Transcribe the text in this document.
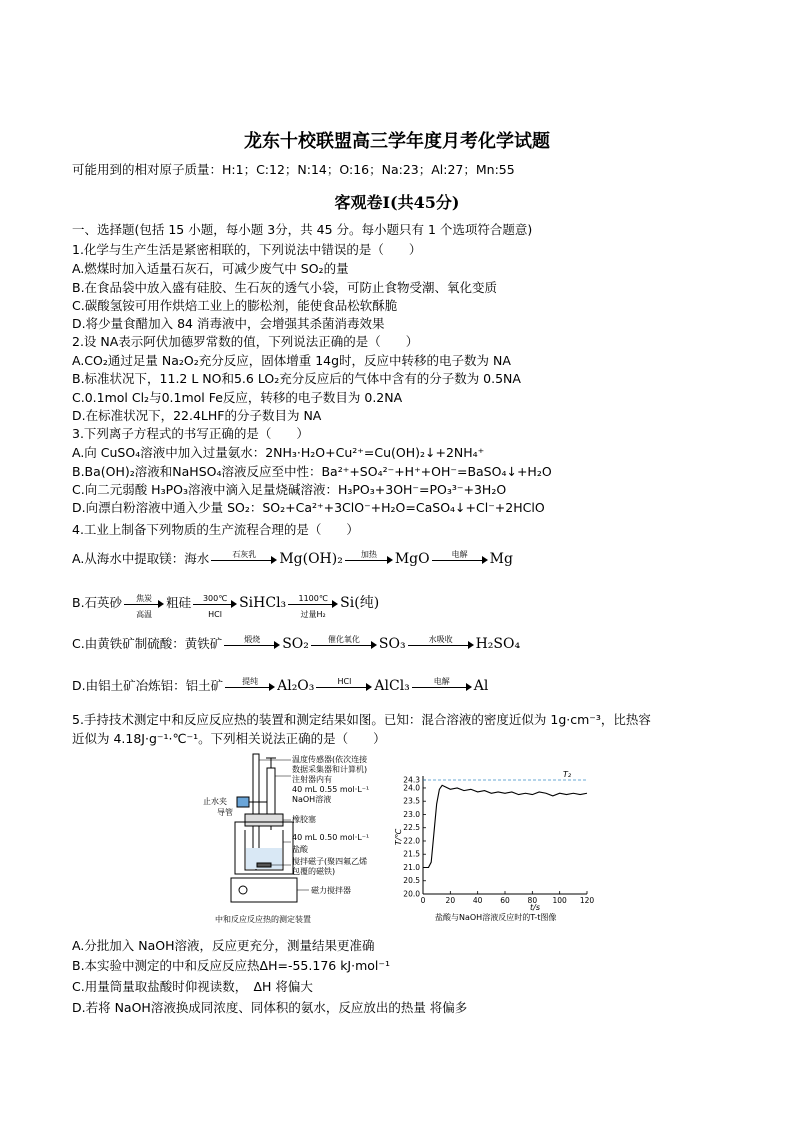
龙东十校联盟高三学年度月考化学试题
可能用到的相对原子质量：H:1；C:12；N:14；O:16；Na:23；Al:27；Mn:55
客观卷Ⅰ(共45分)
一、选择题(包括 15 小题，每小题 3分，共 45 分。每小题只有 1 个选项符合题意)
1.化学与生产生活是紧密相联的，下列说法中错误的是（　　）
A.燃煤时加入适量石灰石，可减少废气中 SO₂的量
B.在食品袋中放入盛有硅胶、生石灰的透气小袋，可防止食物受潮、氧化变质
C.碳酸氢铵可用作烘焙工业上的膨松剂，能使食品松软酥脆
D.将少量食醋加入 84 消毒液中，会增强其杀菌消毒效果
2.设 NA表示阿伏加德罗常数的值，下列说法正确的是（　　）
A.CO₂通过足量 Na₂O₂充分反应，固体增重 14g时，反应中转移的电子数为 NA
B.标准状况下，11.2 L NO和5.6 LO₂充分反应后的气体中含有的分子数为 0.5NA
C.0.1mol Cl₂与0.1mol Fe反应，转移的电子数目为 0.2NA
D.在标准状况下，22.4LHF的分子数目为 NA
3.下列离子方程式的书写正确的是（　　）
A.向 CuSO₄溶液中加入过量氨水：2NH₃·H₂O+Cu²⁺=Cu(OH)₂↓+2NH₄⁺
B.Ba(OH)₂溶液和NaHSO₄溶液反应至中性：Ba²⁺+SO₄²⁻+H⁺+OH⁻=BaSO₄↓+H₂O
C.向二元弱酸 H₃PO₃溶液中滴入足量烧碱溶液：H₃PO₃+3OH⁻=PO₃³⁻+3H₂O
D.向漂白粉溶液中通入少量 SO₂：SO₂+Ca²⁺+3ClO⁻+H₂O=CaSO₄↓+Cl⁻+2HClO
4.工业上制备下列物质的生产流程合理的是（　　）
A.从海水中提取镁：海水	石灰乳	Mg(OH)₂	加热	MgO	电解	Mg
B.石英砂	焦炭
高温
粗硅	300℃
HCl
SiHCl₃	1100℃
过量H₂
Si(纯)
C.由黄铁矿制硫酸：黄铁矿	煅烧	SO₂	催化氧化	SO₃	水吸收	H₂SO₄
D.由铝土矿冶炼铝：铝土矿	提纯	Al₂O₃	HCl	AlCl₃	电解	Al
5.手持技术测定中和反应反应热的装置和测定结果如图。已知：混合溶液的密度近似为 1g·cm⁻³，比热容
近似为 4.18J·g⁻¹·℃⁻¹。下列相关说法正确的是（　　）
温度传感器(依次连接
数据采集器和计算机)
注射器内有
40 mL 0.55 mol·L⁻¹
NaOH溶液
止水夹
导管
橡胶塞
40 mL 0.50 mol·L⁻¹
盐酸
搅拌磁子(聚四氟乙烯
包覆的磁铁)
磁力搅拌器
中和反应反应热的测定装置
20.0
20.5
21.0
21.5
22.0
22.5
23.0
23.5
24.0
24.3
0	20 40 60 80 100 120
T/℃
t/s
T₂
盐酸与NaOH溶液反应时的T-t图像
A.分批加入 NaOH溶液，反应更充分，测量结果更准确
B.本实验中测定的中和反应反应热ΔH=-55.176 kJ·mol⁻¹
C.用量筒量取盐酸时仰视读数，　ΔH 将偏大
D.若将 NaOH溶液换成同浓度、同体积的氨水，反应放出的热量 将偏多
